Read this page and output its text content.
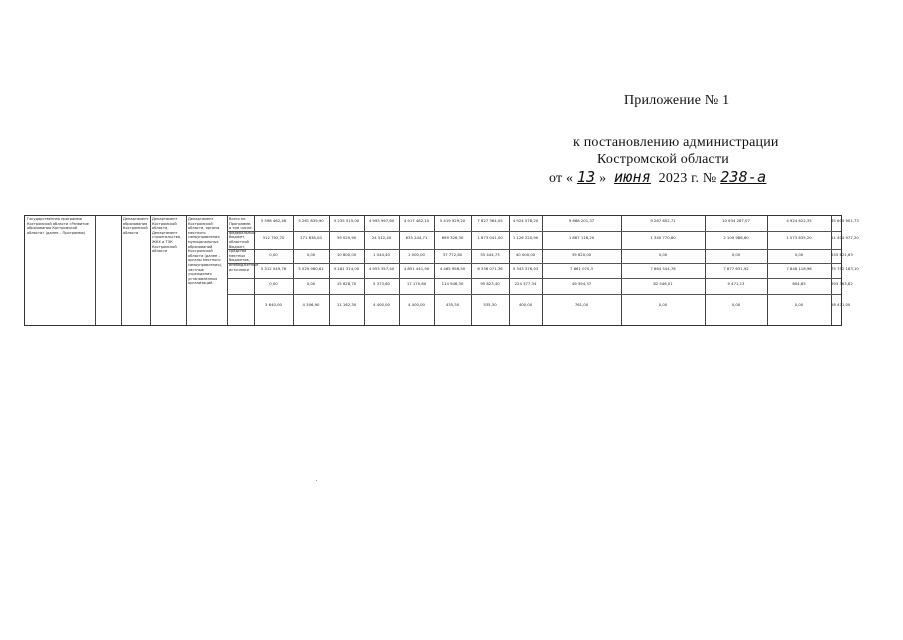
Приложение № 1
к постановлению администрации
Костромской области
от « 13 » июня 2023 г. № 238-а
Государственная программа Костромской области «Развитие образования Костромской области» (далее – Программа)
Департамент образования Костромской области
Департамент Костромской области, Департамент строительства, ЖКХ и ТЭК Костромской области
Департамент Костромской области, органы местного самоуправления муниципальных образований Костромской области (далее – органы местного самоуправления), частные учреждения установленных организаций
Всего по Программе, в том числе: федеральный бюджет, областной бюджет, средства местных бюджетов, внебюджетные источники
5 598 462,46	5 261 839,90	5 235 515,00	4 993 997,60	4 917 482,10	5 419 929,20	7 827 364,05	4 924 578,20	9 688 201,37	9 287 602,71	10 634 287,07	4 924 622,35	85 605 901,73
312 792,70	271 838,00	39 020,90	24 512,40	635 244,71	899 326,30	1 673 041,00	1 126 220,90	1 867 116,20	1 340 770,60	2 109 986,60	1 073 635,20	11 404 977,20
0,00	0,00	10 600,00	1 044,40	1 000,00	37 772,60	55 444,73	40 000,00	39 620,00	0,00	0,00	0,00	245 621,63
5 312 049,76	5 029 980,61	5 181 314,00	4 953 357,40	4 851 441,90	4 465 956,50	6 336 071,36	5 343 376,93	7 861 070,3	7 664 544,76	7 877 631,92	7 848 118,96	75 792 183,10
0,00	0,00	15 628,70	5 373,60	17 170,60	114 946,30	95 823,40	224 377,34	49 394,37	82 546,01	9 471,13	604,85	593 363,82
3 640,00	4 306,90	11 162,30	4 400,00	4 400,00	435,30	535,30	400,00	761,00	0,00	0,00	0,00	28 471,00
